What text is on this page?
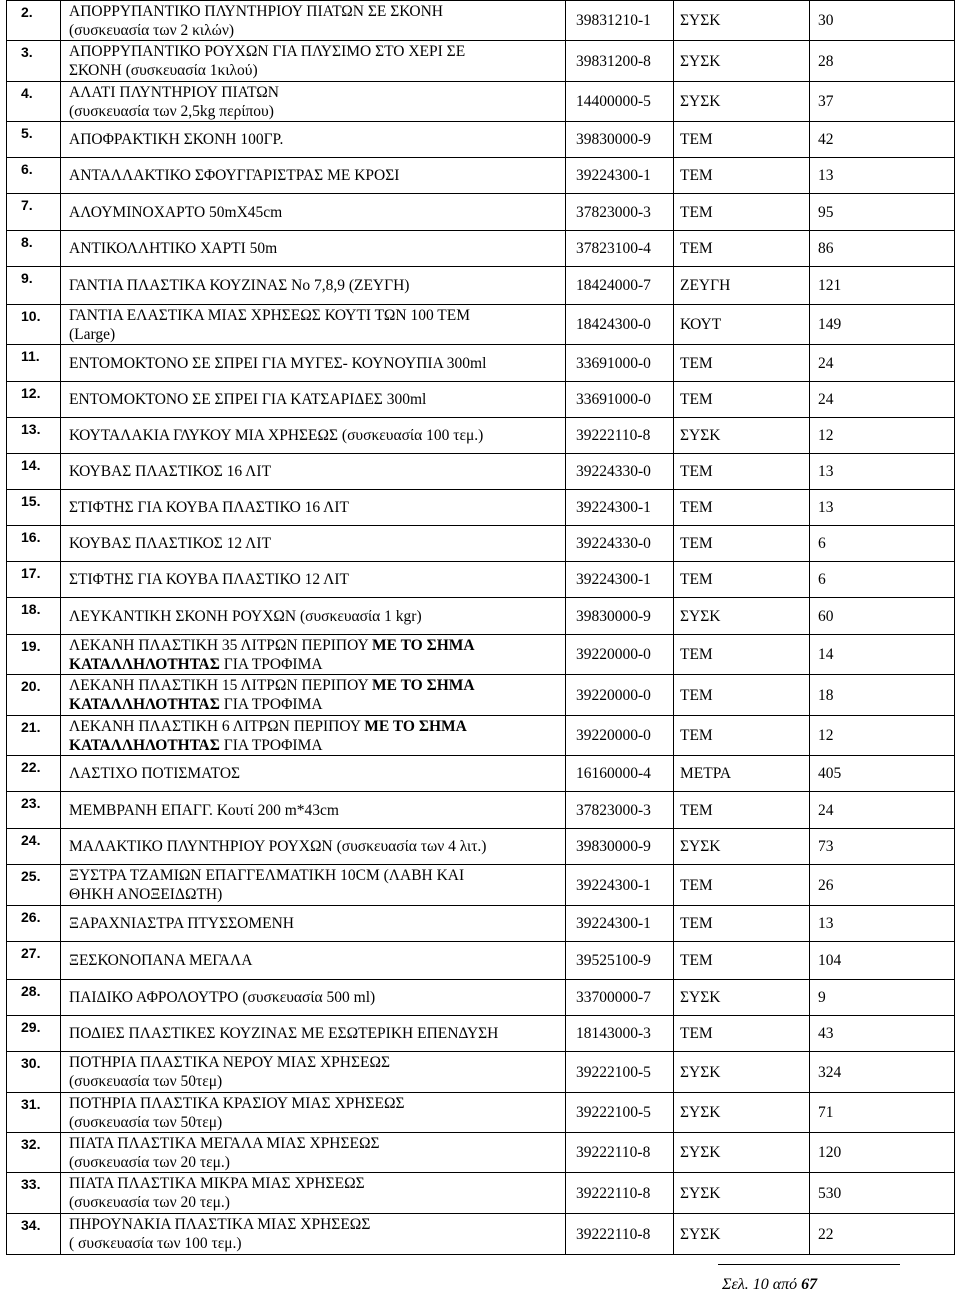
2.	ΑΠΟΡΡΥΠΑΝΤΙΚΟ ΠΛΥΝΤΗΡΙΟΥ ΠΙΑΤΩΝ ΣΕ ΣΚΟΝΗ
(συσκευασία των 2 κιλών)	39831210-1	ΣΥΣΚ	30
3.	ΑΠΟΡΡΥΠΑΝΤΙΚΟ ΡΟΥΧΩΝ ΓΙΑ ΠΛΥΣΙΜΟ ΣΤΟ ΧΕΡΙ ΣΕ
ΣΚΟΝΗ (συσκευασία 1κιλού)	39831200-8	ΣΥΣΚ	28
4.	ΑΛΑΤΙ ΠΛΥΝΤΗΡΙΟΥ ΠΙΑΤΩΝ
(συσκευασία των 2,5kg περίπου)	14400000-5	ΣΥΣΚ	37
5.	ΑΠΟΦΡΑΚΤΙΚΗ ΣΚΟΝΗ 100ΓΡ.	39830000-9	ΤΕΜ	42
6.	ΑΝΤΑΛΛΑΚΤΙΚΟ ΣΦΟΥΓΓΑΡΙΣΤΡΑΣ ΜΕ ΚΡΟΣΙ	39224300-1	ΤΕΜ	13
7.	ΑΛΟΥΜΙΝΟΧΑΡΤΟ 50mX45cm	37823000-3	ΤΕΜ	95
8.	ΑΝΤΙΚΟΛΛΗΤΙΚΟ ΧΑΡΤΙ 50m	37823100-4	ΤΕΜ	86
9.	ΓΑΝΤΙΑ ΠΛΑΣΤΙΚΑ ΚΟΥΖΙΝΑΣ Νο 7,8,9 (ΖΕΥΓΗ)	18424000-7	ΖΕΥΓΗ	121
10.	ΓΑΝΤΙΑ ΕΛΑΣΤΙΚΑ ΜΙΑΣ ΧΡΗΣΕΩΣ ΚΟΥΤΙ ΤΩΝ 100 ΤΕΜ
(Large)	18424300-0	ΚΟΥΤ	149
11.	ΕΝΤΟΜΟΚΤΟΝΟ ΣΕ ΣΠΡΕΙ ΓΙΑ ΜΥΓΕΣ- ΚΟΥΝΟΥΠΙΑ 300ml	33691000-0	ΤΕΜ	24
12.	ΕΝΤΟΜΟΚΤΟΝΟ ΣΕ ΣΠΡΕΙ ΓΙΑ ΚΑΤΣΑΡΙΔΕΣ 300ml	33691000-0	ΤΕΜ	24
13.	ΚΟΥΤΑΛΑΚΙΑ ΓΛΥΚΟΥ ΜΙΑ ΧΡΗΣΕΩΣ (συσκευασία 100 τεμ.)	39222110-8	ΣΥΣΚ	12
14.	ΚΟΥΒΑΣ ΠΛΑΣΤΙΚΟΣ 16 ΛΙΤ	39224330-0	ΤΕΜ	13
15.	ΣΤΙΦΤΗΣ ΓΙΑ ΚΟΥΒΑ ΠΛΑΣΤΙΚΟ 16 ΛΙΤ	39224300-1	ΤΕΜ	13
16.	ΚΟΥΒΑΣ ΠΛΑΣΤΙΚΟΣ 12 ΛΙΤ	39224330-0	ΤΕΜ	6
17.	ΣΤΙΦΤΗΣ ΓΙΑ ΚΟΥΒΑ ΠΛΑΣΤΙΚΟ 12 ΛΙΤ	39224300-1	ΤΕΜ	6
18.	ΛΕΥΚΑΝΤΙΚΗ ΣΚΟΝΗ ΡΟΥΧΩΝ (συσκευασία 1 kgr)	39830000-9	ΣΥΣΚ	60
19.	ΛΕΚΑΝΗ ΠΛΑΣΤΙΚΗ 35 ΛΙΤΡΩΝ ΠΕΡΙΠΟΥ ΜΕ ΤΟ ΣΗΜΑ
ΚΑΤΑΛΛΗΛΟΤΗΤΑΣ ΓΙΑ ΤΡΟΦΙΜΑ	39220000-0	ΤΕΜ	14
20.	ΛΕΚΑΝΗ ΠΛΑΣΤΙΚΗ 15 ΛΙΤΡΩΝ ΠΕΡΙΠΟΥ ΜΕ ΤΟ ΣΗΜΑ
ΚΑΤΑΛΛΗΛΟΤΗΤΑΣ ΓΙΑ ΤΡΟΦΙΜΑ	39220000-0	ΤΕΜ	18
21.	ΛΕΚΑΝΗ ΠΛΑΣΤΙΚΗ 6 ΛΙΤΡΩΝ ΠΕΡΙΠΟΥ ΜΕ ΤΟ ΣΗΜΑ
ΚΑΤΑΛΛΗΛΟΤΗΤΑΣ ΓΙΑ ΤΡΟΦΙΜΑ	39220000-0	ΤΕΜ	12
22.	ΛΑΣΤΙΧΟ ΠΟΤΙΣΜΑΤΟΣ	16160000-4	ΜΕΤΡΑ	405
23.	ΜΕΜΒΡΑΝΗ ΕΠΑΓΓ. Κουτί 200 m*43cm	37823000-3	ΤΕΜ	24
24.	ΜΑΛΑΚΤΙΚΟ ΠΛΥΝΤΗΡΙΟΥ ΡΟΥΧΩΝ (συσκευασία των 4 λιτ.)	39830000-9	ΣΥΣΚ	73
25.	ΞΥΣΤΡΑ ΤΖΑΜΙΩΝ ΕΠΑΓΓΕΛΜΑΤΙΚΗ 10CM (ΛΑΒΗ ΚΑΙ
ΘΗΚΗ ΑΝΟΞΕΙΔΩΤΗ)	39224300-1	ΤΕΜ	26
26.	ΞΑΡΑΧΝΙΑΣΤΡΑ ΠΤΥΣΣΟΜΕΝΗ	39224300-1	ΤΕΜ	13
27.	ΞΕΣΚΟΝΟΠΑΝΑ ΜΕΓΑΛΑ	39525100-9	ΤΕΜ	104
28.	ΠΑΙΔΙΚΟ ΑΦΡΟΛΟΥΤΡΟ (συσκευασία 500 ml)	33700000-7	ΣΥΣΚ	9
29.	ΠΟΔΙΕΣ ΠΛΑΣΤΙΚΕΣ ΚΟΥΖΙΝΑΣ ΜΕ ΕΣΩΤΕΡΙΚΗ ΕΠΕΝΔΥΣΗ	18143000-3	ΤΕΜ	43
30.	ΠΟΤΗΡΙΑ ΠΛΑΣΤΙΚΑ ΝΕΡΟΥ ΜΙΑΣ ΧΡΗΣΕΩΣ
(συσκευασία των 50τεμ)	39222100-5	ΣΥΣΚ	324
31.	ΠΟΤΗΡΙΑ ΠΛΑΣΤΙΚΑ ΚΡΑΣΙΟΥ ΜΙΑΣ ΧΡΗΣΕΩΣ
(συσκευασία των 50τεμ)	39222100-5	ΣΥΣΚ	71
32.	ΠΙΑΤΑ ΠΛΑΣΤΙΚΑ ΜΕΓΑΛΑ ΜΙΑΣ ΧΡΗΣΕΩΣ
(συσκευασία των 20 τεμ.)	39222110-8	ΣΥΣΚ	120
33.	ΠΙΑΤΑ ΠΛΑΣΤΙΚΑ ΜΙΚΡΑ ΜΙΑΣ ΧΡΗΣΕΩΣ
(συσκευασία των 20 τεμ.)	39222110-8	ΣΥΣΚ	530
34.	ΠΗΡΟΥΝΑΚΙΑ ΠΛΑΣΤΙΚΑ ΜΙΑΣ ΧΡΗΣΕΩΣ
( συσκευασία των 100 τεμ.)	39222110-8	ΣΥΣΚ	22
Σελ. 10 από 67
